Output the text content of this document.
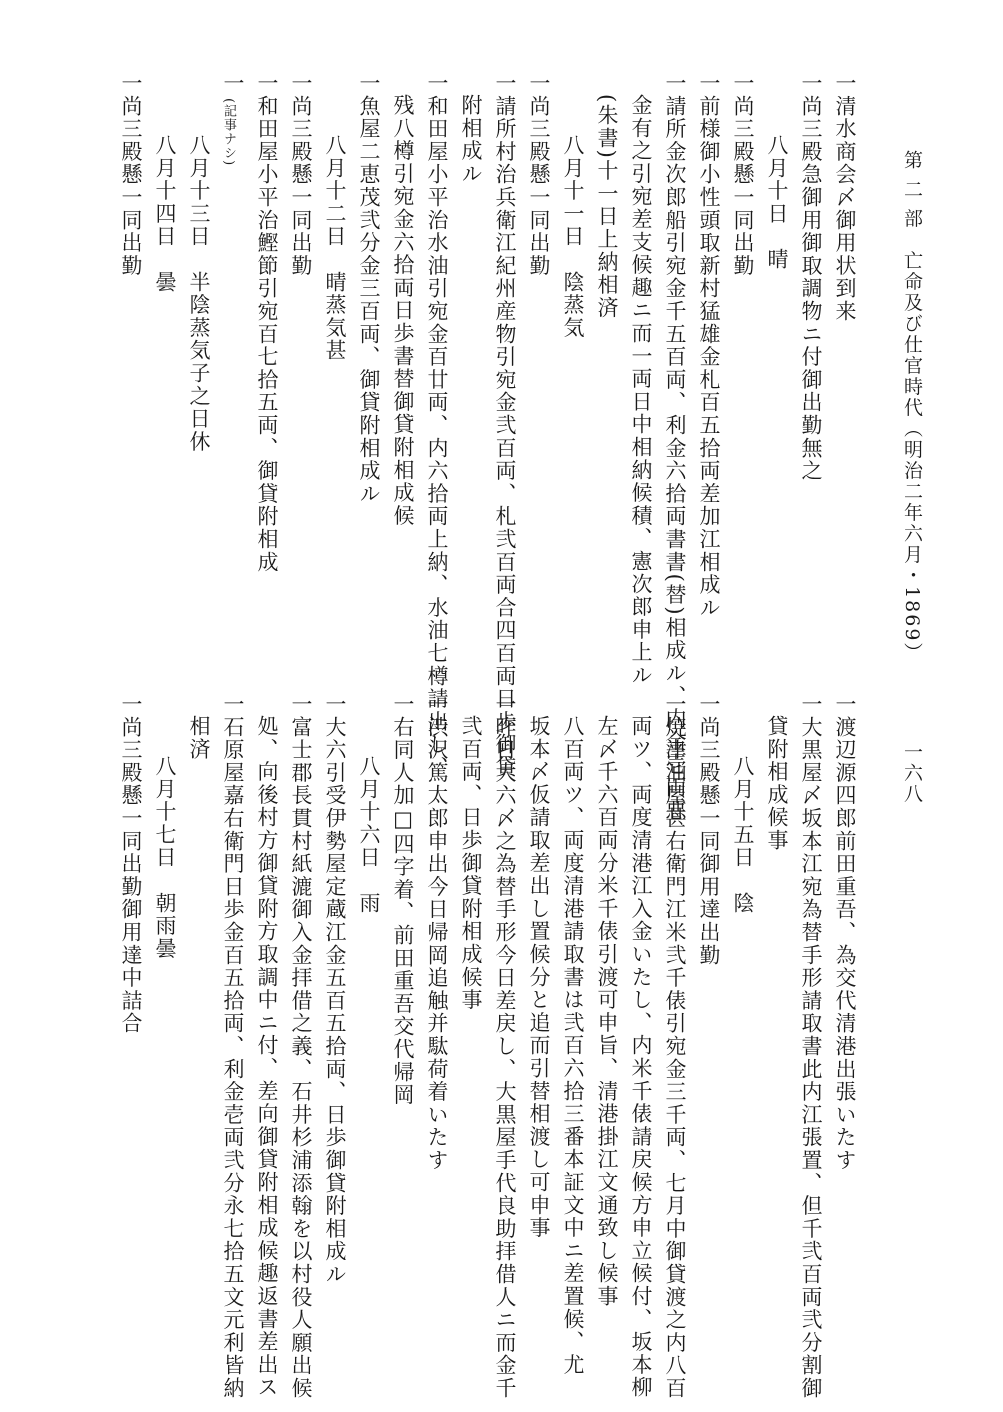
第 二 部　亡命及び仕官時代（明治二年六月・1869）
一六八
一清水商会〆御用状到来
一尚三殿急御用御取調物ニ付御出勤無之
八月十日　晴
一尚三殿懸一同出勤
一前様御小性頭取新村猛雄金札百五拾両差加江相成ル
一請所金次郎船引宛金千五百両、利金六拾両書書(替)相成ル、内金壱両悪
金有之引宛差支候趣ニ而一両日中相納候積、憲次郎申上ル
(朱書)十一日上納相済
八月十一日　陰蒸気
一尚三殿懸一同出勤
一請所村治兵衛江紀州産物引宛金弐百両、札弐百両合四百両日歩御貸
附相成ル
一和田屋小平治水油引宛金百廿両、内六拾両上納、水油七樽請出し、
残八樽引宛金六拾両日歩書替御貸附相成候
一魚屋二恵茂弐分金三百両、御貸附相成ル
八月十二日　晴蒸気甚
一尚三殿懸一同出勤
一和田屋小平治鰹節引宛百七拾五両、御貸附相成
一
(記事ナシ)
八月十三日　半陰蒸気子之日休
八月十四日　曇
一尚三殿懸一同出勤
一渡辺源四郎前田重吾、為交代清港出張いたす
一大黒屋〆坂本江宛為替手形請取書此内江張置、但千弐百両弐分割御
貸附相成候事
八月十五日　陰
一尚三殿懸一同御用達出勤
一焼津油屋甚右衛門江米弐千俵引宛金三千両、七月中御貸渡之内八百
両ツ、両度清港江入金いたし、内米千俵請戻候方申立候付、坂本柳
左〆千六百両分米千俵引渡可申旨、清港掛江文通致し候事
八百両ツ、両度清港請取書は弐百六拾三番本証文中ニ差置候、尤
坂本〆仮請取差出し置候分と追而引替相渡し可申事
一昨日大六〆之為替手形今日差戻し、大黒屋手代良助拝借人ニ而金千
弐百両、日歩御貸附相成候事
一渋沢篤太郎申出今日帰岡追触并駄荷着いたす
一右同人加□四字着、前田重吾交代帰岡
八月十六日　雨
一大六引受伊勢屋定蔵江金五百五拾両、日歩御貸附相成ル
一富士郡長貫村紙漉御入金拝借之義、石井杉浦添翰を以村役人願出候
処、向後村方御貸附方取調中ニ付、差向御貸附相成候趣返書差出ス
一石原屋嘉右衛門日歩金百五拾両、利金壱両弐分永七拾五文元利皆納
相済
八月十七日　朝雨曇
一尚三殿懸一同出勤御用達中詰合
